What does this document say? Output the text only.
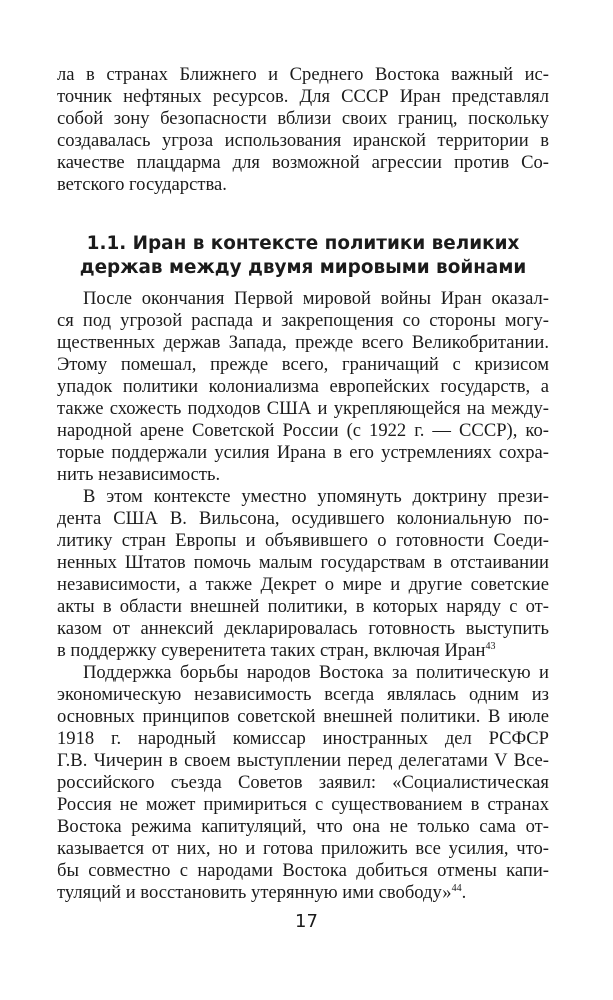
ла в странах Ближнего и Среднего Востока важный ис-
точник нефтяных ресурсов. Для СССР Иран представлял
собой зону безопасности вблизи своих границ, поскольку
создавалась угроза использования иранской территории в
качестве плацдарма для возможной агрессии против Со-
ветского государства.
1.1. Иран в контексте политики великих
держав между двумя мировыми войнами
После окончания Первой мировой войны Иран оказал-
ся под угрозой распада и закрепощения со стороны могу-
щественных держав Запада, прежде всего Великобритании.
Этому помешал, прежде всего, граничащий с кризисом
упадок политики колониализма европейских государств, а
также схожесть подходов США и укрепляющейся на между-
народной арене Советской России (с 1922 г. — СССР), ко-
торые поддержали усилия Ирана в его устремлениях сохра-
нить независимость.
В этом контексте уместно упомянуть доктрину прези-
дента США В. Вильсона, осудившего колониальную по-
литику стран Европы и объявившего о готовности Соеди-
ненных Штатов помочь малым государствам в отстаивании
независимости, а также Декрет о мире и другие советские
акты в области внешней политики, в которых наряду с от-
казом от аннексий декларировалась готовность выступить
в поддержку суверенитета таких стран, включая Иран$^{43}$
Поддержка борьбы народов Востока за политическую и
экономическую независимость всегда являлась одним из
основных принципов советской внешней политики. В июле
1918 г. народный комиссар иностранных дел РСФСР
Г.В. Чичерин в своем выступлении перед делегатами V Все-
российского съезда Советов заявил: «Социалистическая
Россия не может примириться с существованием в странах
Востока режима капитуляций, что она не только сама от-
казывается от них, но и готова приложить все усилия, что-
бы совместно с народами Востока добиться отмены капи-
туляций и восстановить утерянную ими свободу»$^{44}$.
17
